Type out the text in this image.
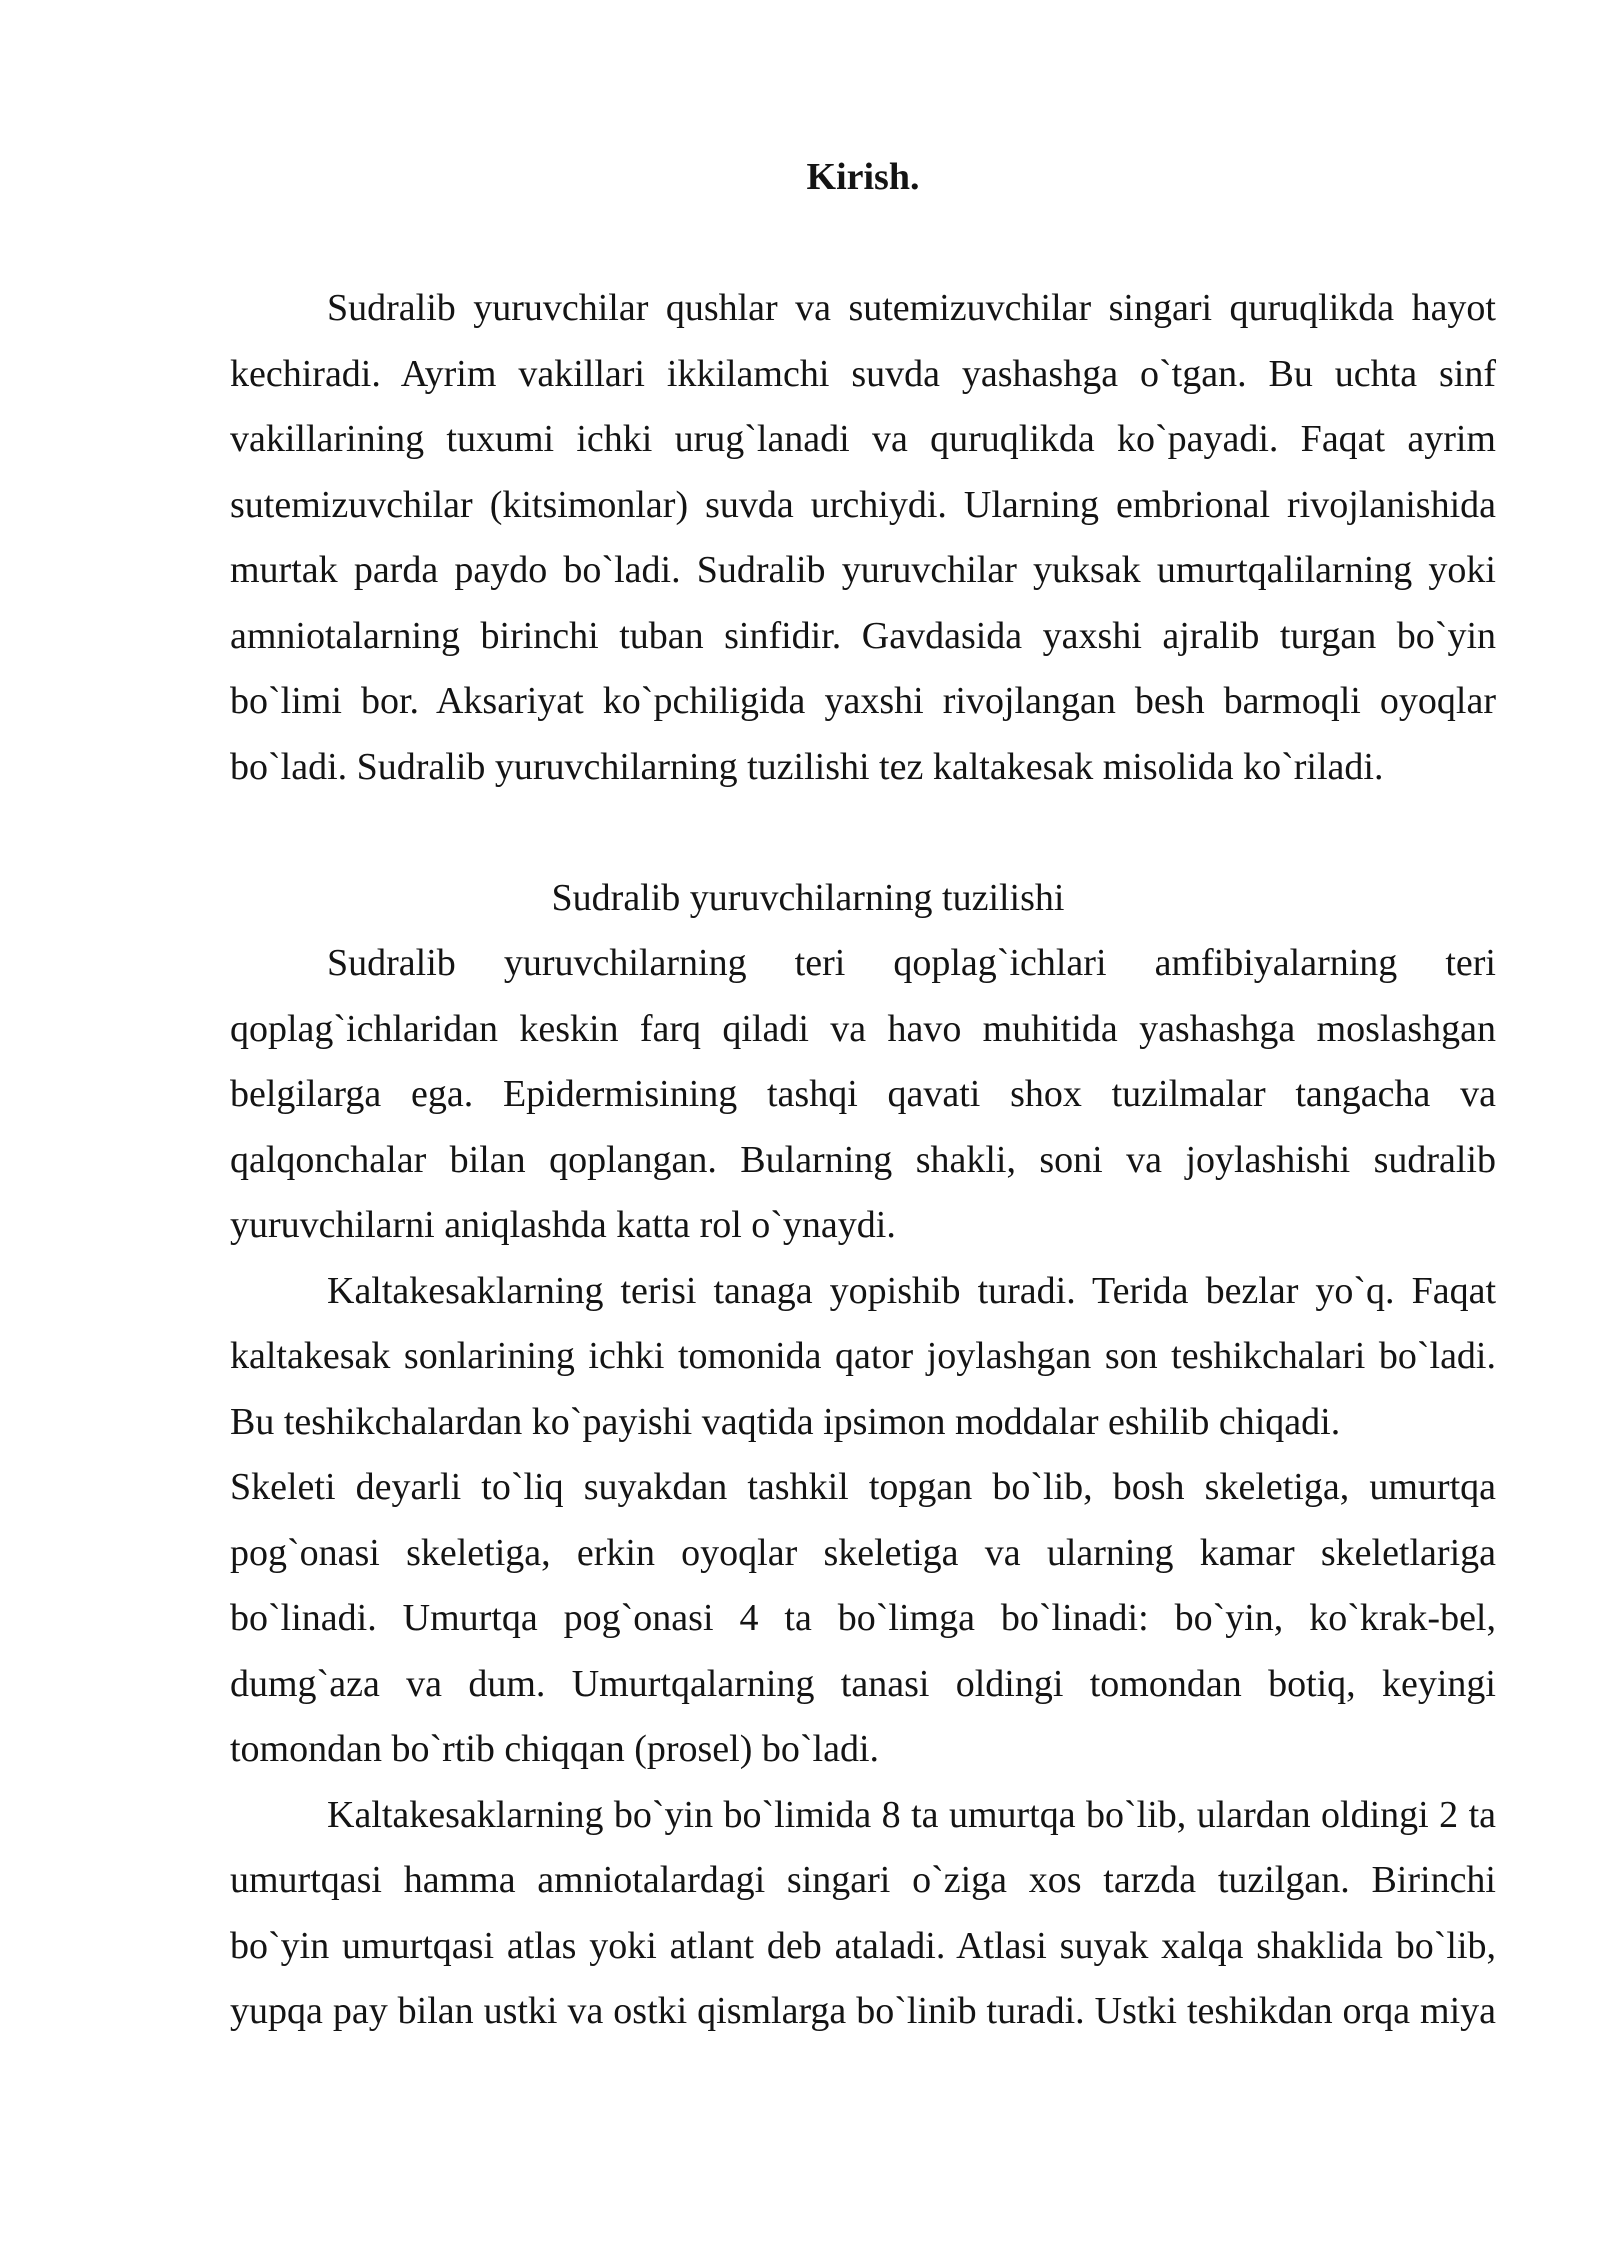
Kirish.
Sudralib yuruvchilar qushlar va sutemizuvchilar singari quruqlikda hayot
kechiradi. Ayrim vakillari ikkilamchi suvda yashashga o`tgan. Bu uchta sinf
vakillarining tuxumi ichki urug`lanadi va quruqlikda ko`payadi. Faqat ayrim
sutemizuvchilar (kitsimonlar) suvda urchiydi. Ularning embrional rivojlanishida
murtak parda paydo bo`ladi. Sudralib yuruvchilar yuksak umurtqalilarning yoki
amniotalarning birinchi tuban sinfidir. Gavdasida yaxshi ajralib turgan bo`yin
bo`limi bor. Aksariyat ko`pchiligida yaxshi rivojlangan besh barmoqli oyoqlar
bo`ladi. Sudralib yuruvchilarning tuzilishi tez kaltakesak misolida ko`riladi.
Sudralib yuruvchilarning tuzilishi
Sudralib yuruvchilarning teri qoplag`ichlari amfibiyalarning teri
qoplag`ichlaridan keskin farq qiladi va havo muhitida yashashga moslashgan
belgilarga ega. Epidermisining tashqi qavati shox tuzilmalar tangacha va
qalqonchalar bilan qoplangan. Bularning shakli, soni va joylashishi sudralib
yuruvchilarni aniqlashda katta rol o`ynaydi.
Kaltakesaklarning terisi tanaga yopishib turadi. Terida bezlar yo`q. Faqat
kaltakesak sonlarining ichki tomonida qator joylashgan son teshikchalari bo`ladi.
Bu teshikchalardan ko`payishi vaqtida ipsimon moddalar eshilib chiqadi.
Skeleti deyarli to`liq suyakdan tashkil topgan bo`lib, bosh skeletiga, umurtqa
pog`onasi skeletiga, erkin oyoqlar skeletiga va ularning kamar skeletlariga
bo`linadi. Umurtqa pog`onasi 4 ta bo`limga bo`linadi: bo`yin, ko`krak-bel,
dumg`aza va dum. Umurtqalarning tanasi oldingi tomondan botiq, keyingi
tomondan bo`rtib chiqqan (prosel) bo`ladi.
Kaltakesaklarning bo`yin bo`limida 8 ta umurtqa bo`lib, ulardan oldingi 2 ta
umurtqasi hamma amniotalardagi singari o`ziga xos tarzda tuzilgan. Birinchi
bo`yin umurtqasi atlas yoki atlant deb ataladi. Atlasi suyak xalqa shaklida bo`lib,
yupqa pay bilan ustki va ostki qismlarga bo`linib turadi. Ustki teshikdan orqa miya
